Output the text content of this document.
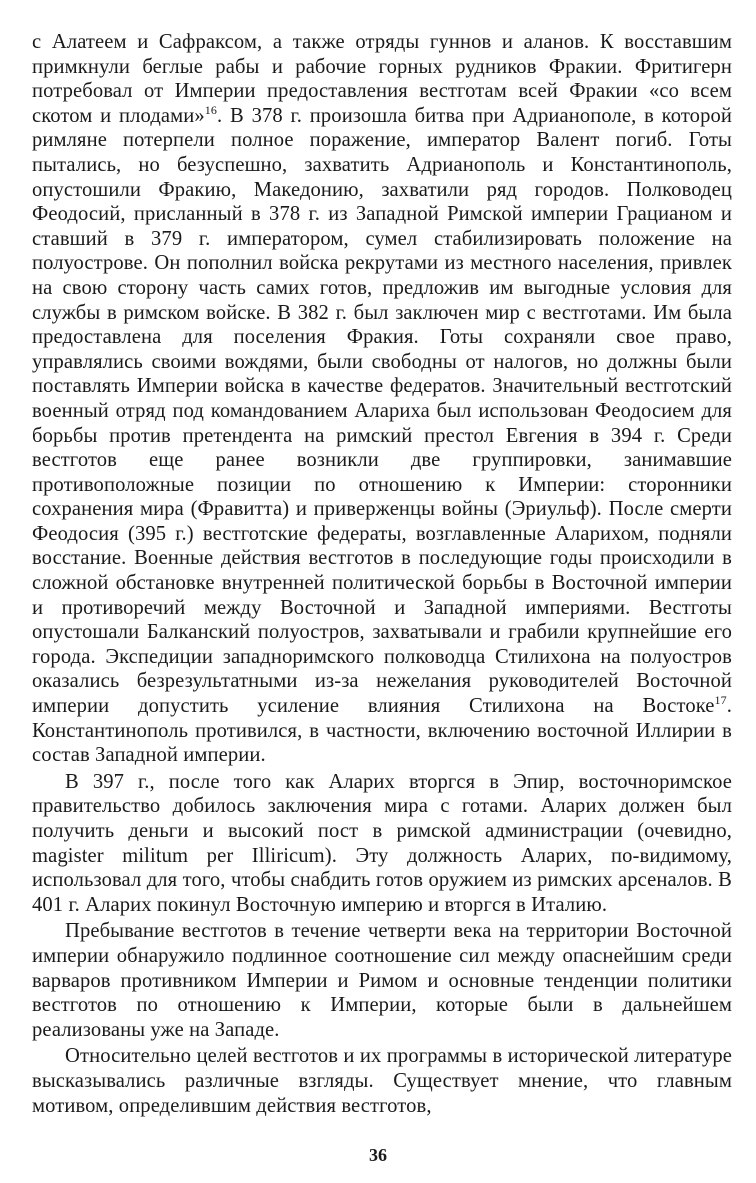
с Алатеем и Сафраксом, а также отряды гуннов и аланов. К восставшим примкнули беглые рабы и рабочие горных рудников Фракии. Фритигерн потребовал от Империи предоставления вестготам всей Фракии «со всем скотом и плодами»$^{16}$. В 378 г. произошла битва при Адрианополе, в которой римляне потерпели полное поражение, император Валент погиб. Готы пытались, но безуспешно, захватить Адрианополь и Константинополь, опустошили Фракию, Македонию, захватили ряд городов. Полководец Феодосий, присланный в 378 г. из Западной Римской империи Грацианом и ставший в 379 г. императором, сумел стабилизировать положение на полуострове. Он пополнил войска рекрутами из местного населения, привлек на свою сторону часть самих готов, предложив им выгодные условия для службы в римском войске. В 382 г. был заключен мир с вестготами. Им была предоставлена для поселения Фракия. Готы сохраняли свое право, управлялись своими вождями, были свободны от налогов, но должны были поставлять Империи войска в качестве федератов. Значительный вестготский военный отряд под командованием Алариха был использован Феодосием для борьбы против претендента на римский престол Евгения в 394 г. Среди вестготов еще ранее возникли две группировки, занимавшие противоположные позиции по отношению к Империи: сторонники сохранения мира (Фравитта) и приверженцы войны (Эриульф). После смерти Феодосия (395 г.) вестготские федераты, возглавленные Аларихом, подняли восстание. Военные действия вестготов в последующие годы происходили в сложной обстановке внутренней политической борьбы в Восточной империи и противоречий между Восточной и Западной империями. Вестготы опустошали Балканский полуостров, захватывали и грабили крупнейшие его города. Экспедиции западноримского полководца Стилихона на полуостров оказались безрезультатными из-за нежелания руководителей Восточной империи допустить усиление влияния Стилихона на Востоке$^{17}$. Константинополь противился, в частности, включению восточной Иллирии в состав Западной империи.

В 397 г., после того как Аларих вторгся в Эпир, восточноримское правительство добилось заключения мира с готами. Аларих должен был получить деньги и высокий пост в римской администрации (очевидно, magister militum per Illiricum). Эту должность Аларих, по-видимому, использовал для того, чтобы снабдить готов оружием из римских арсеналов. В 401 г. Аларих покинул Восточную империю и вторгся в Италию.

Пребывание вестготов в течение четверти века на территории Восточной империи обнаружило подлинное соотношение сил между опаснейшим среди варваров противником Империи и Римом и основные тенденции политики вестготов по отношению к Империи, которые были в дальнейшем реализованы уже на Западе.

Относительно целей вестготов и их программы в исторической литературе высказывались различные взгляды. Существует мнение, что главным мотивом, определившим действия вестготов,

36
